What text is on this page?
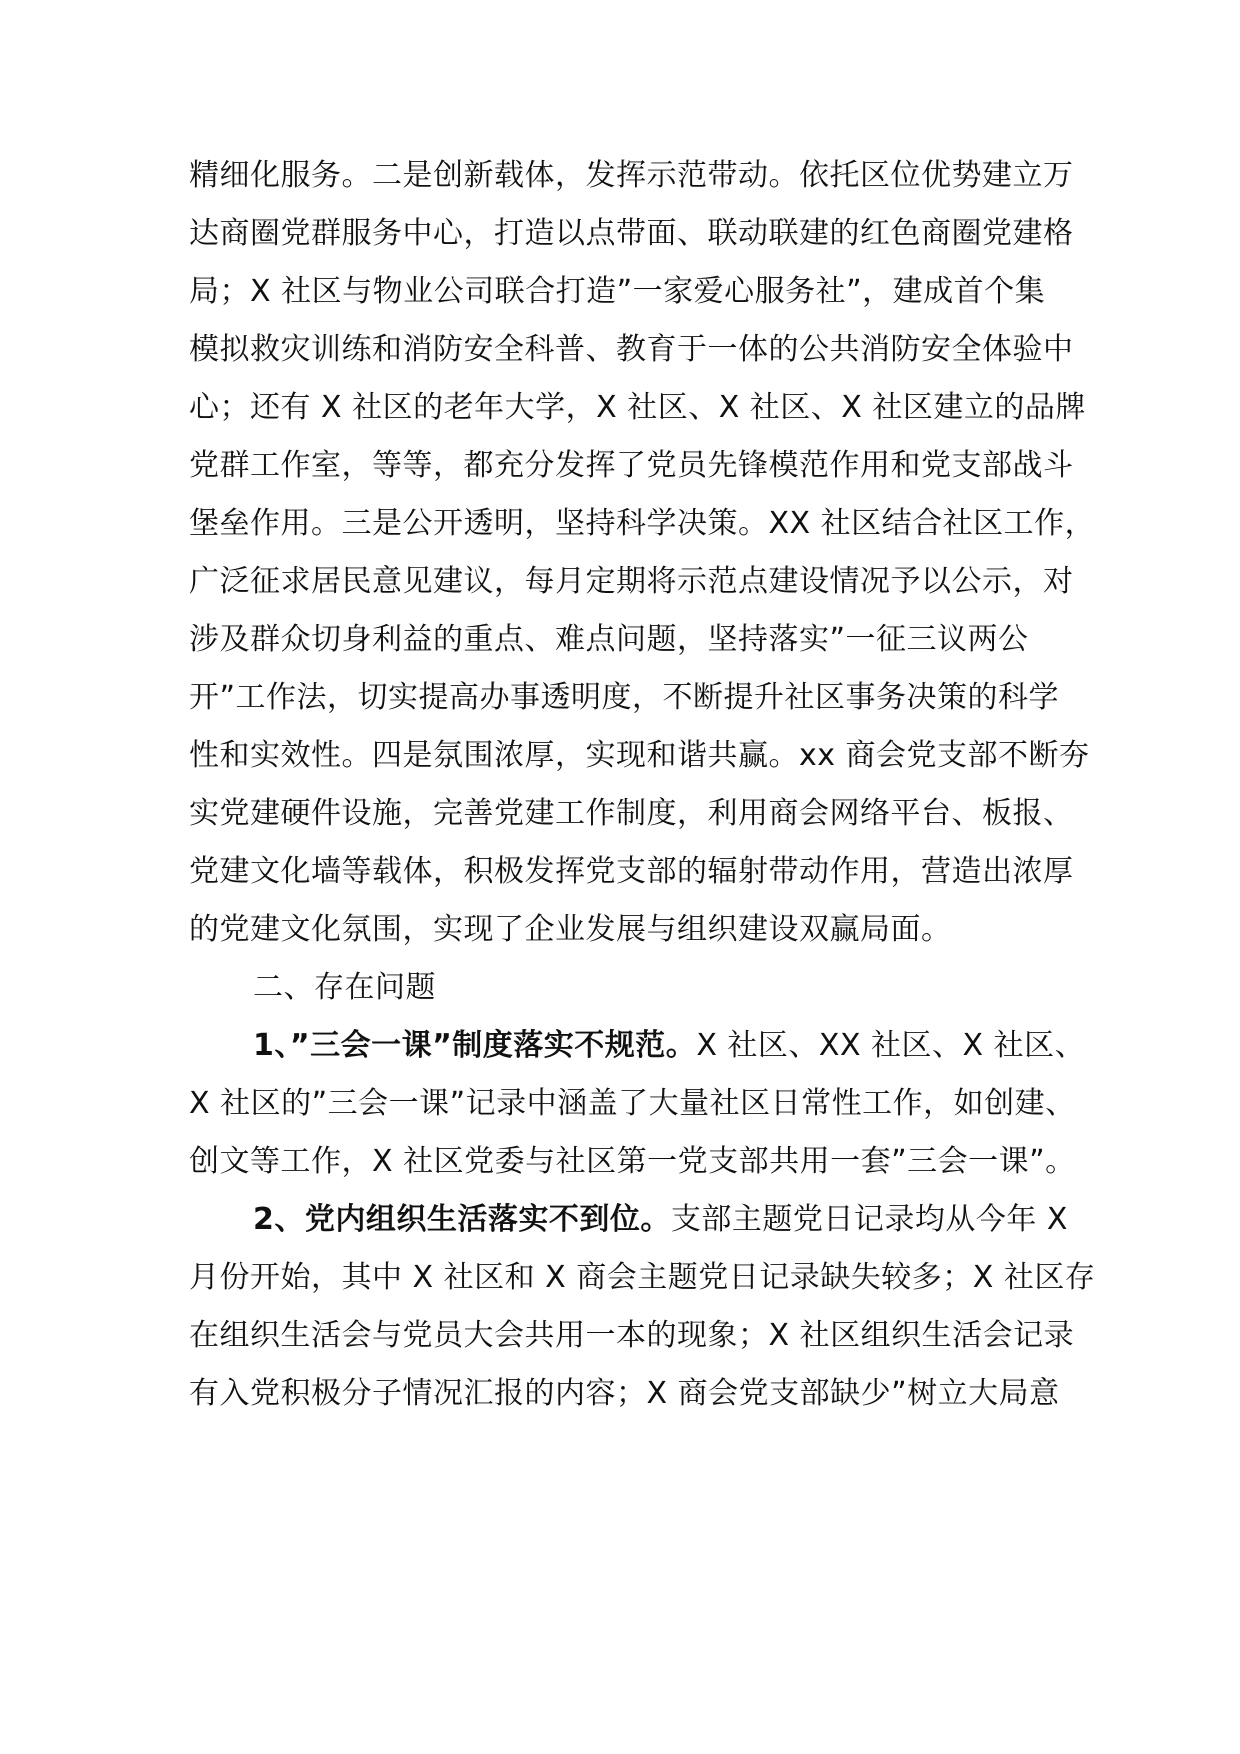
精细化服务。二是创新载体，发挥示范带动。依托区位优势建立万
达商圈党群服务中心，打造以点带面、联动联建的红色商圈党建格
局；X 社区与物业公司联合打造”一家爱心服务社”，建成首个集
模拟救灾训练和消防安全科普、教育于一体的公共消防安全体验中
心；还有 X 社区的老年大学，X 社区、X 社区、X 社区建立的品牌
党群工作室，等等，都充分发挥了党员先锋模范作用和党支部战斗
堡垒作用。三是公开透明，坚持科学决策。XX 社区结合社区工作，
广泛征求居民意见建议，每月定期将示范点建设情况予以公示，对
涉及群众切身利益的重点、难点问题，坚持落实”一征三议两公
开”工作法，切实提高办事透明度，不断提升社区事务决策的科学
性和实效性。四是氛围浓厚，实现和谐共赢。xx 商会党支部不断夯
实党建硬件设施，完善党建工作制度，利用商会网络平台、板报、
党建文化墙等载体，积极发挥党支部的辐射带动作用，营造出浓厚
的党建文化氛围，实现了企业发展与组织建设双赢局面。
二、存在问题
1、”三会一课”制度落实不规范。X 社区、XX 社区、X 社区、
X 社区的”三会一课”记录中涵盖了大量社区日常性工作，如创建、
创文等工作，X 社区党委与社区第一党支部共用一套”三会一课”。
2、党内组织生活落实不到位。支部主题党日记录均从今年 X
月份开始，其中 X 社区和 X 商会主题党日记录缺失较多；X 社区存
在组织生活会与党员大会共用一本的现象；X 社区组织生活会记录
有入党积极分子情况汇报的内容；X 商会党支部缺少”树立大局意
